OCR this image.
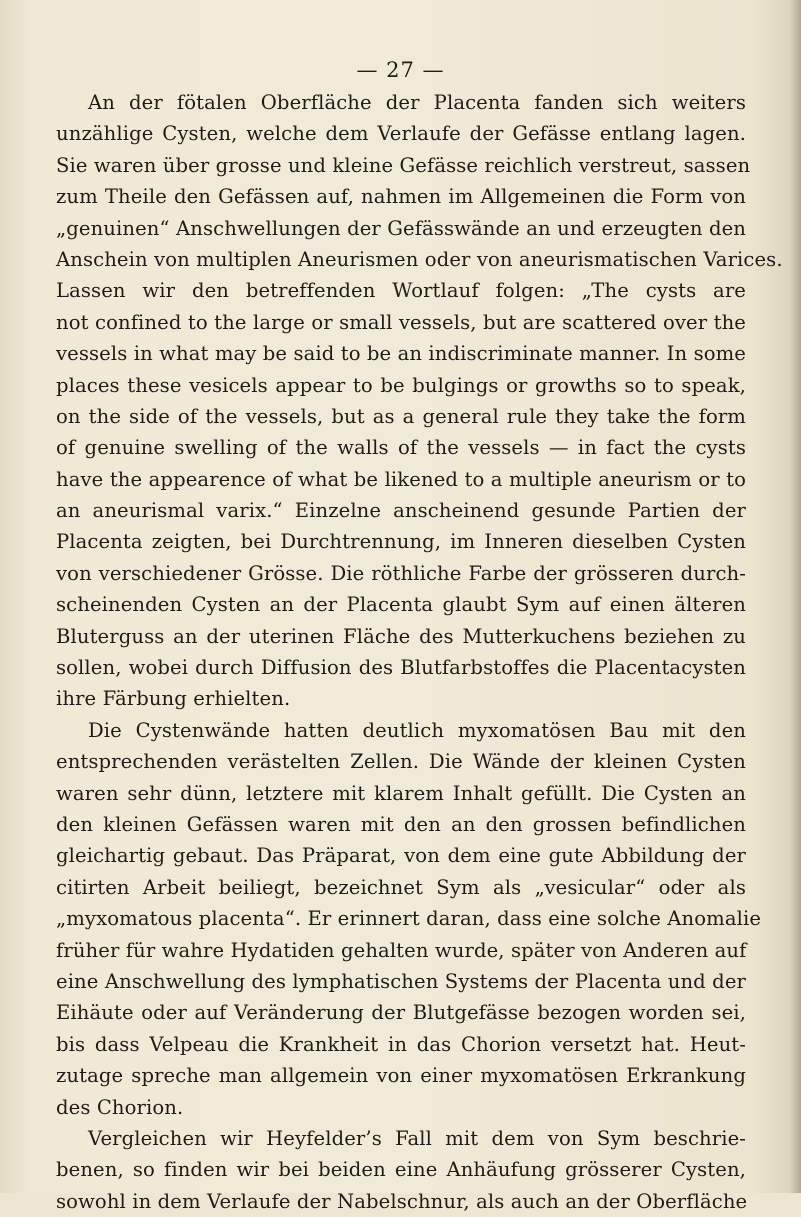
— 27 —
An der fötalen Oberfläche der Placenta fanden sich weiters
unzählige Cysten, welche dem Verlaufe der Gefässe entlang lagen.
Sie waren über grosse und kleine Gefässe reichlich verstreut, sassen
zum Theile den Gefässen auf, nahmen im Allgemeinen die Form von
„genuinen“ Anschwellungen der Gefässwände an und erzeugten den
Anschein von multiplen Aneurismen oder von aneurismatischen Varices.
Lassen wir den betreffenden Wortlauf folgen: „The cysts are
not confined to the large or small vessels, but are scattered over the
vessels in what may be said to be an indiscriminate manner. In some
places these vesicels appear to be bulgings or growths so to speak,
on the side of the vessels, but as a general rule they take the form
of genuine swelling of the walls of the vessels — in fact the cysts
have the appearence of what be likened to a multiple aneurism or to
an aneurismal varix.“ Einzelne anscheinend gesunde Partien der
Placenta zeigten, bei Durchtrennung, im Inneren dieselben Cysten
von verschiedener Grösse. Die röthliche Farbe der grösseren durch-
scheinenden Cysten an der Placenta glaubt Sym auf einen älteren
Bluterguss an der uterinen Fläche des Mutterkuchens beziehen zu
sollen, wobei durch Diffusion des Blutfarbstoffes die Placentacysten
ihre Färbung erhielten.
Die Cystenwände hatten deutlich myxomatösen Bau mit den
entsprechenden verästelten Zellen. Die Wände der kleinen Cysten
waren sehr dünn, letztere mit klarem Inhalt gefüllt. Die Cysten an
den kleinen Gefässen waren mit den an den grossen befindlichen
gleichartig gebaut. Das Präparat, von dem eine gute Abbildung der
citirten Arbeit beiliegt, bezeichnet Sym als „vesicular“ oder als
„myxomatous placenta“. Er erinnert daran, dass eine solche Anomalie
früher für wahre Hydatiden gehalten wurde, später von Anderen auf
eine Anschwellung des lymphatischen Systems der Placenta und der
Eihäute oder auf Veränderung der Blutgefässe bezogen worden sei,
bis dass Velpeau die Krankheit in das Chorion versetzt hat. Heut-
zutage spreche man allgemein von einer myxomatösen Erkrankung
des Chorion.
Vergleichen wir Heyfelder’s Fall mit dem von Sym beschrie-
benen, so finden wir bei beiden eine Anhäufung grösserer Cysten,
sowohl in dem Verlaufe der Nabelschnur, als auch an der Oberfläche
